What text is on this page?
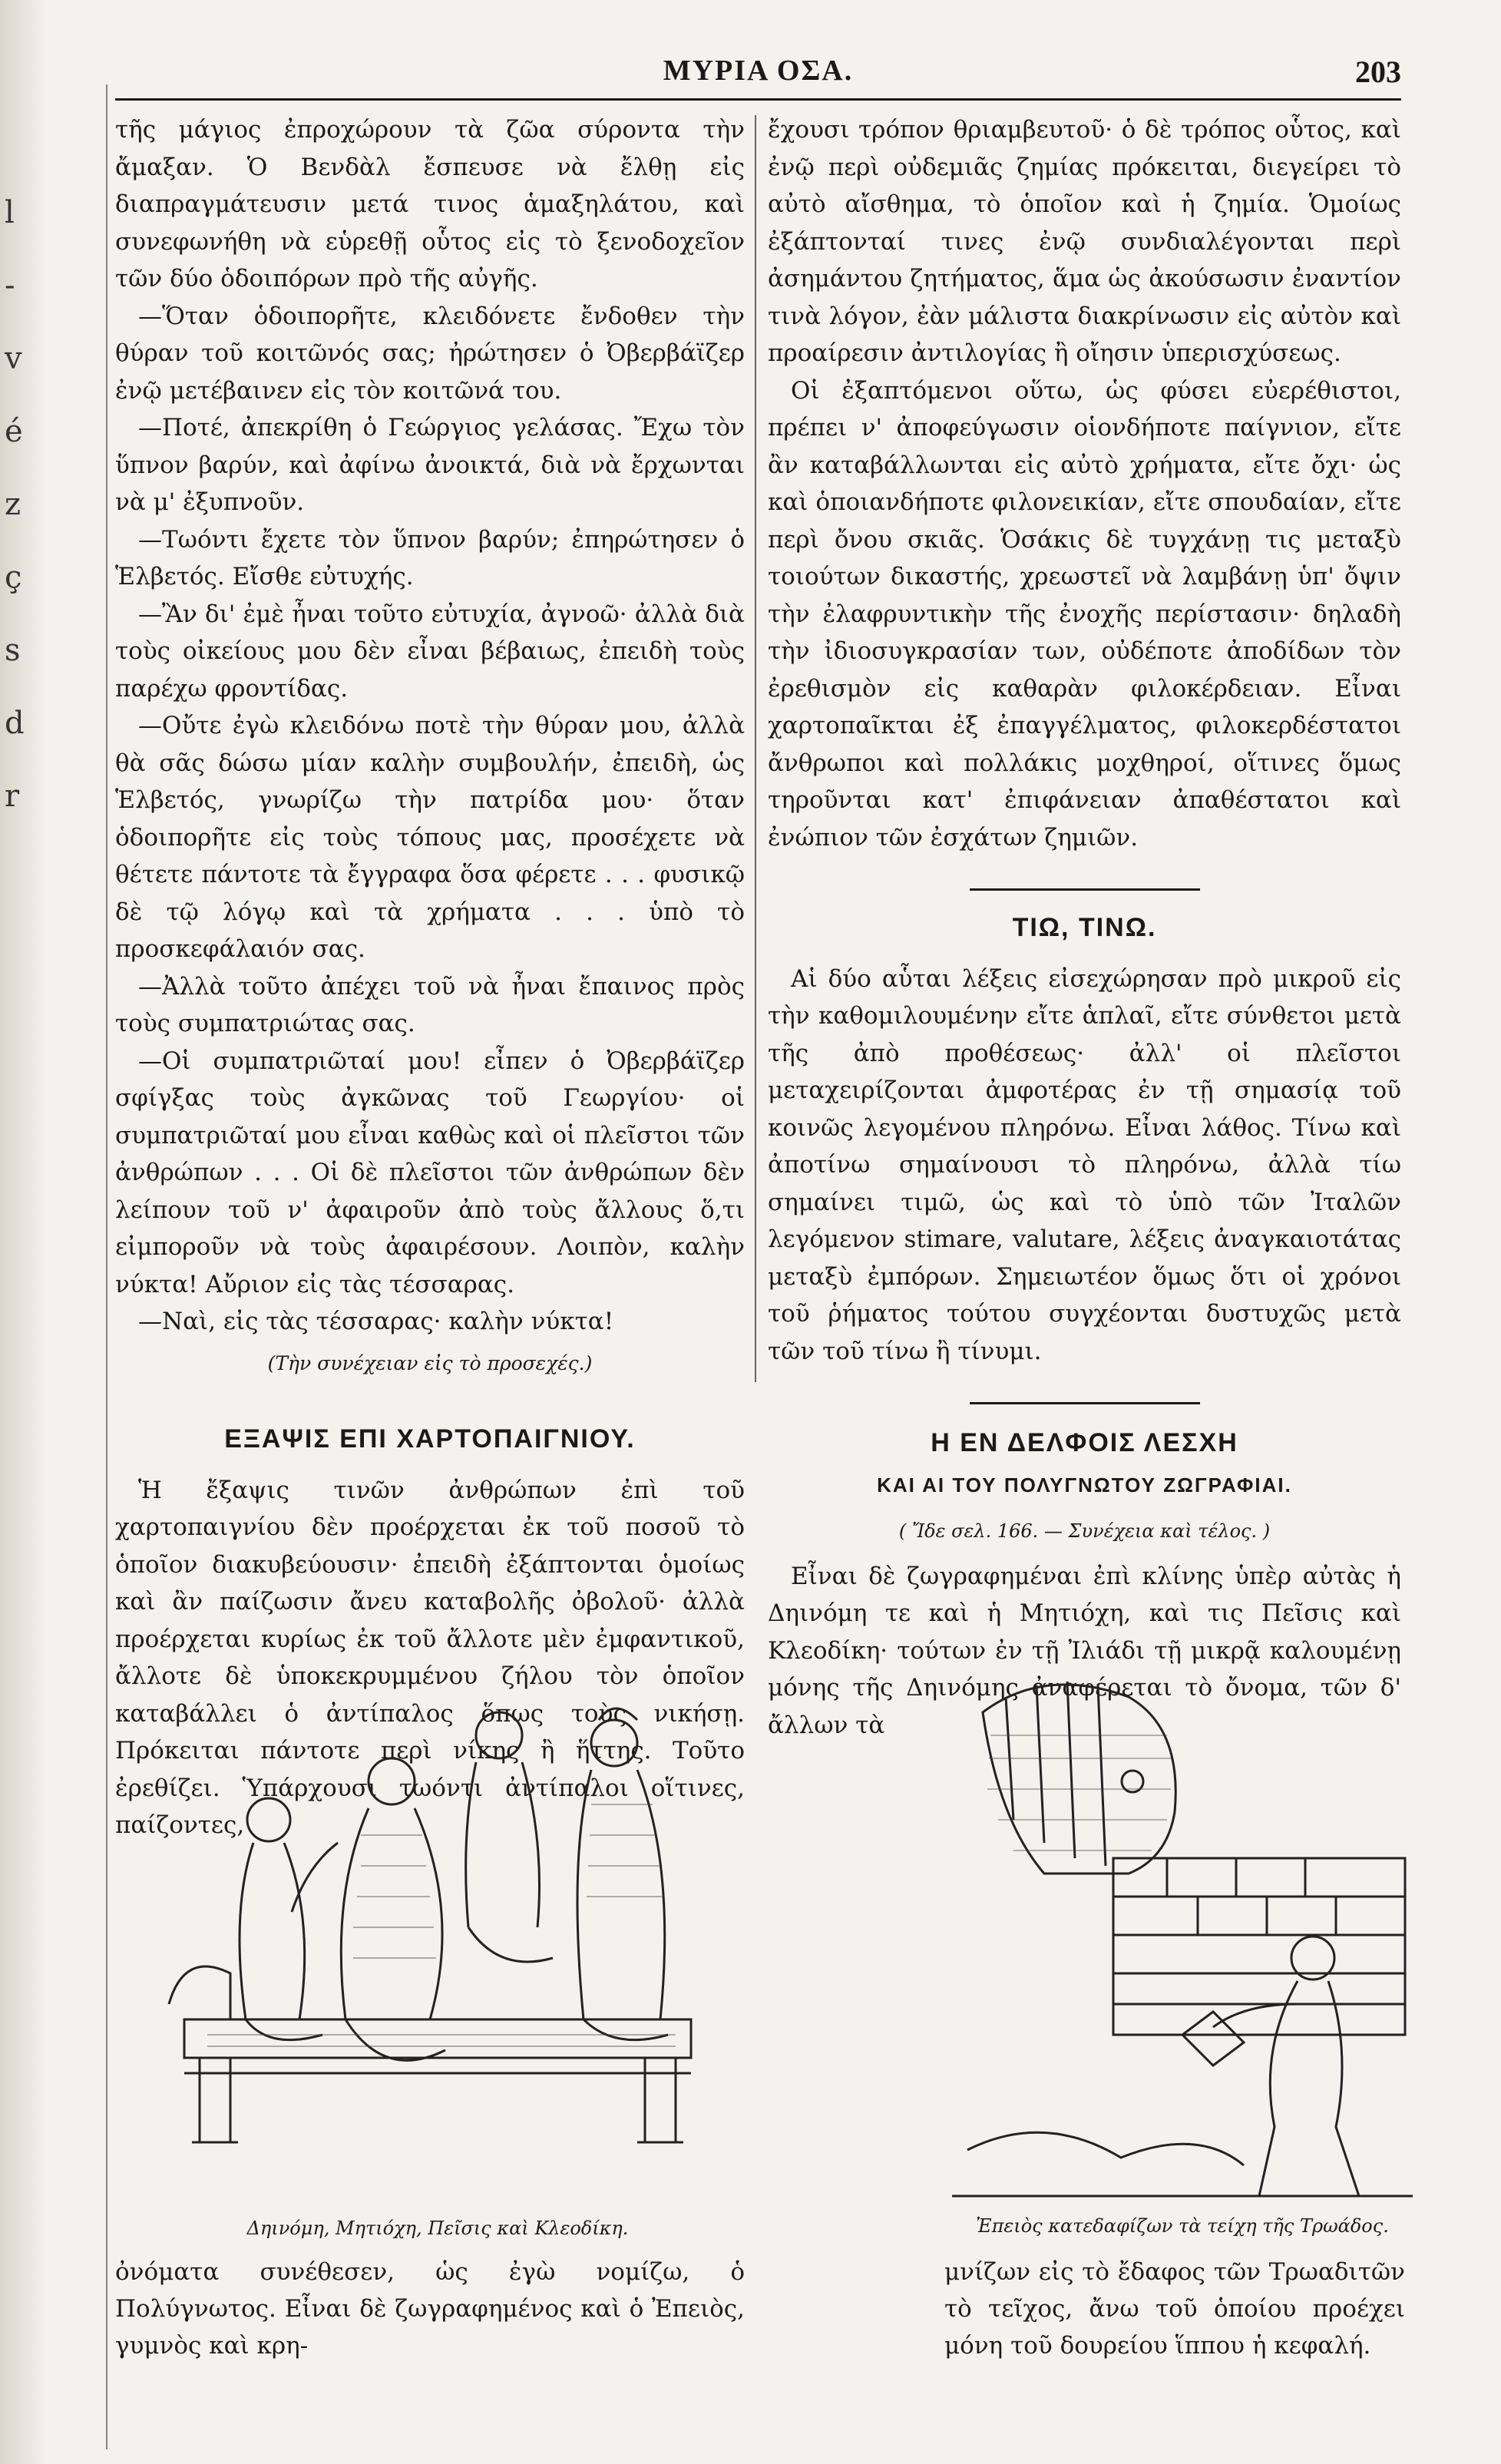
l
-
v
é
z
ç
s
d
r
ΜΥΡΙΑ ΟΣΑ.	203

τῆς μάγιος ἐπροχώρουν τὰ ζῶα σύροντα τὴν ἄμαξαν. Ὁ Βενδὰλ ἔσπευσε νὰ ἔλθῃ εἰς διαπραγμάτευσιν μετά τινος ἁμαξηλάτου, καὶ συνεφωνήθη νὰ εὑρεθῇ οὗτος εἰς τὸ ξενοδοχεῖον τῶν δύο ὁδοιπόρων πρὸ τῆς αὐγῆς.

—Ὅταν ὁδοιπορῆτε, κλειδόνετε ἔνδοθεν τὴν θύραν τοῦ κοιτῶνός σας; ἠρώτησεν ὁ Ὀβερβάϊζερ ἐνῷ μετέβαινεν εἰς τὸν κοιτῶνά του.

—Ποτέ, ἀπεκρίθη ὁ Γεώργιος γελάσας. Ἔχω τὸν ὕπνον βαρύν, καὶ ἀφίνω ἀνοικτά, διὰ νὰ ἔρχωνται νὰ μ' ἐξυπνοῦν.

—Τωόντι ἔχετε τὸν ὕπνον βαρύν; ἐπηρώτησεν ὁ Ἑλβετός. Εἴσθε εὐτυχής.

—Ἂν δι' ἐμὲ ἦναι τοῦτο εὐτυχία, ἀγνοῶ· ἀλλὰ διὰ τοὺς οἰκείους μου δὲν εἶναι βέβαιως, ἐπειδὴ τοὺς παρέχω φροντίδας.

—Οὔτε ἐγὼ κλειδόνω ποτὲ τὴν θύραν μου, ἀλλὰ θὰ σᾶς δώσω μίαν καλὴν συμβουλήν, ἐπειδὴ, ὡς Ἑλβετός, γνωρίζω τὴν πατρίδα μου· ὅταν ὁδοιπορῆτε εἰς τοὺς τόπους μας, προσέχετε νὰ θέτετε πάντοτε τὰ ἔγγραφα ὅσα φέρετε . . . φυσικῷ δὲ τῷ λόγῳ καὶ τὰ χρήματα . . . ὑπὸ τὸ προσκεφάλαιόν σας.

—Ἀλλὰ τοῦτο ἀπέχει τοῦ νὰ ἦναι ἔπαινος πρὸς τοὺς συμπατριώτας σας.

—Οἱ συμπατριῶταί μου! εἶπεν ὁ Ὀβερβάϊζερ σφίγξας τοὺς ἀγκῶνας τοῦ Γεωργίου· οἱ συμπατριῶταί μου εἶναι καθὼς καὶ οἱ πλεῖστοι τῶν ἀνθρώπων . . . Οἱ δὲ πλεῖστοι τῶν ἀνθρώπων δὲν λείπουν τοῦ ν' ἀφαιροῦν ἀπὸ τοὺς ἄλλους ὅ,τι εἰμποροῦν νὰ τοὺς ἀφαιρέσουν. Λοιπὸν, καλὴν νύκτα! Αὔριον εἰς τὰς τέσσαρας.

—Ναὶ, εἰς τὰς τέσσαρας· καλὴν νύκτα!

(Τὴν συνέχειαν εἰς τὸ προσεχές.)

ΕΞΑΨΙΣ ΕΠΙ ΧΑΡΤΟΠΑΙΓΝΙΟΥ.

Ἡ ἔξαψις τινῶν ἀνθρώπων ἐπὶ τοῦ χαρτοπαιγνίου δὲν προέρχεται ἐκ τοῦ ποσοῦ τὸ ὁποῖον διακυβεύουσιν· ἐπειδὴ ἐξάπτονται ὁμοίως καὶ ἂν παίζωσιν ἄνευ καταβολῆς ὀβολοῦ· ἀλλὰ προέρχεται κυρίως ἐκ τοῦ ἄλλοτε μὲν ἐμφαντικοῦ, ἄλλοτε δὲ ὑποκεκρυμμένου ζήλου τὸν ὁποῖον καταβάλλει ὁ ἀντίπαλος ὅπως τοὺς νικήσῃ. Πρόκειται πάντοτε περὶ νίκης ἢ ἥττης. Τοῦτο ἐρεθίζει. Ὑπάρχουσι τωόντι ἀντίπαλοι οἵτινες, παίζοντες,

ἔχουσι τρόπον θριαμβευτοῦ· ὁ δὲ τρόπος οὗτος, καὶ ἐνῷ περὶ οὐδεμιᾶς ζημίας πρόκειται, διεγείρει τὸ αὐτὸ αἴσθημα, τὸ ὁποῖον καὶ ἡ ζημία. Ὁμοίως ἐξάπτονταί τινες ἐνῷ συνδιαλέγονται περὶ ἀσημάντου ζητήματος, ἅμα ὡς ἀκούσωσιν ἐναντίον τινὰ λόγον, ἐὰν μάλιστα διακρίνωσιν εἰς αὐτὸν καὶ προαίρεσιν ἀντιλογίας ἢ οἴησιν ὑπερισχύσεως.

Οἱ ἐξαπτόμενοι οὕτω, ὡς φύσει εὐερέθιστοι, πρέπει ν' ἀποφεύγωσιν οἱονδήποτε παίγνιον, εἴτε ἂν καταβάλλωνται εἰς αὐτὸ χρήματα, εἴτε ὄχι· ὡς καὶ ὁποιανδήποτε φιλονεικίαν, εἴτε σπουδαίαν, εἴτε περὶ ὄνου σκιᾶς. Ὁσάκις δὲ τυγχάνῃ τις μεταξὺ τοιούτων δικαστής, χρεωστεῖ νὰ λαμβάνῃ ὑπ' ὄψιν τὴν ἐλαφρυντικὴν τῆς ἐνοχῆς περίστασιν· δηλαδὴ τὴν ἰδιοσυγκρασίαν των, οὐδέποτε ἀποδίδων τὸν ἐρεθισμὸν εἰς καθαρὰν φιλοκέρδειαν. Εἶναι χαρτοπαῖκται ἐξ ἐπαγγέλματος, φιλοκερδέστατοι ἄνθρωποι καὶ πολλάκις μοχθηροί, οἵτινες ὅμως τηροῦνται κατ' ἐπιφάνειαν ἀπαθέστατοι καὶ ἐνώπιον τῶν ἐσχάτων ζημιῶν.

ΤΙΩ, ΤΙΝΩ.

Αἱ δύο αὗται λέξεις εἰσεχώρησαν πρὸ μικροῦ εἰς τὴν καθομιλουμένην εἴτε ἁπλαῖ, εἴτε σύνθετοι μετὰ τῆς ἀπὸ προθέσεως· ἀλλ' οἱ πλεῖστοι μεταχειρίζονται ἀμφοτέρας ἐν τῇ σημασίᾳ τοῦ κοινῶς λεγομένου πληρόνω. Εἶναι λάθος. Τίνω καὶ ἀποτίνω σημαίνουσι τὸ πληρόνω, ἀλλὰ τίω σημαίνει τιμῶ, ὡς καὶ τὸ ὑπὸ τῶν Ἰταλῶν λεγόμενον stimare, valutare, λέξεις ἀναγκαιοτάτας μεταξὺ ἐμπόρων. Σημειωτέον ὅμως ὅτι οἱ χρόνοι τοῦ ῥήματος τούτου συγχέονται δυστυχῶς μετὰ τῶν τοῦ τίνω ἢ τίνυμι.

Η ΕΝ ΔΕΛΦΟΙΣ ΛΕΣΧΗ

ΚΑΙ ΑΙ ΤΟΥ ΠΟΛΥΓΝΩΤΟΥ ΖΩΓΡΑΦΙΑΙ.

( Ἴδε σελ. 166. — Συνέχεια καὶ τέλος. )

Εἶναι δὲ ζωγραφημέναι ἐπὶ κλίνης ὑπὲρ αὐτὰς ἡ Δηινόμη τε καὶ ἡ Μητιόχη, καὶ τις Πεῖσις καὶ Κλεοδίκη· τούτων ἐν τῇ Ἰλιάδι τῇ μικρᾷ καλουμένῃ μόνης τῆς Δηινόμης ἀναφέρεται τὸ ὄνομα, τῶν δ' ἄλλων τὰ

Δηινόμη, Μητιόχη, Πεῖσις καὶ Κλεοδίκη.	Ἐπειὸς κατεδαφίζων τὰ τείχη τῆς Τρωάδος.
ὀνόματα συνέθεσεν, ὡς ἐγὼ νομίζω, ὁ Πολύγνωτος. Εἶναι δὲ ζωγραφημένος καὶ ὁ Ἐπειὸς, γυμνὸς καὶ κρη-
μνίζων εἰς τὸ ἔδαφος τῶν Τρωαδιτῶν τὸ τεῖχος, ἄνω τοῦ ὁποίου προέχει μόνη τοῦ δουρείου ἵππου ἡ κεφαλή.
